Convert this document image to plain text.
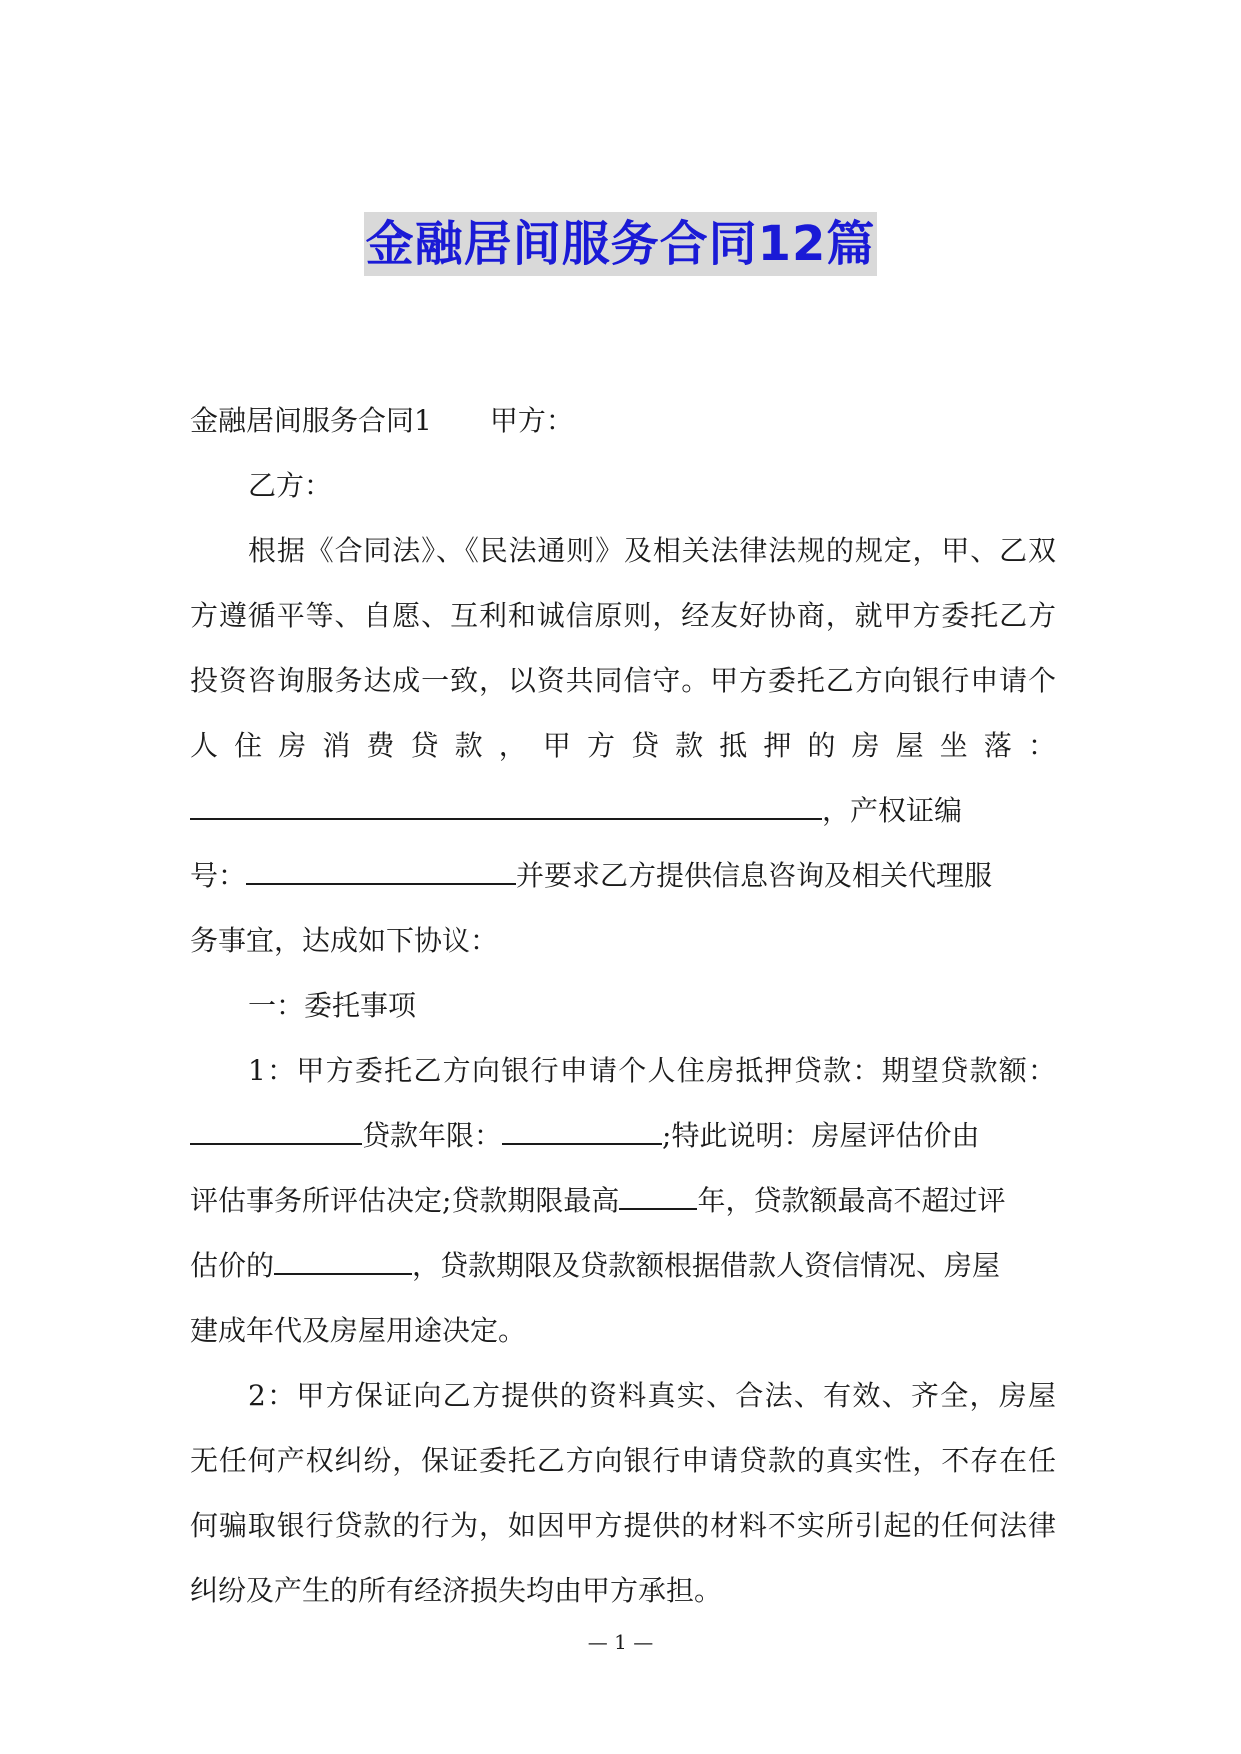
金融居间服务合同12篇

金融居间服务合同1 甲方：

乙方：

根据《合同法》、《民法通则》及相关法律法规的规定，甲、乙双

方遵循平等、自愿、互利和诚信原则，经友好协商，就甲方委托乙方

投资咨询服务达成一致，以资共同信守。甲方委托乙方向银行申请个

人住房消费贷款，甲方贷款抵押的房屋坐落：

，产权证编

号：	并要求乙方提供信息咨询及相关代理服

务事宜，达成如下协议：

一：委托事项

1：甲方委托乙方向银行申请个人住房抵押贷款：期望贷款额：

贷款年限：	;特此说明：房屋评估价由

评估事务所评估决定;贷款期限最高	年，贷款额最高不超过评

估价的	，贷款期限及贷款额根据借款人资信情况、房屋

建成年代及房屋用途决定。

2：甲方保证向乙方提供的资料真实、合法、有效、齐全，房屋

无任何产权纠纷，保证委托乙方向银行申请贷款的真实性，不存在任

何骗取银行贷款的行为，如因甲方提供的材料不实所引起的任何法律

纠纷及产生的所有经济损失均由甲方承担。

— 1 —
